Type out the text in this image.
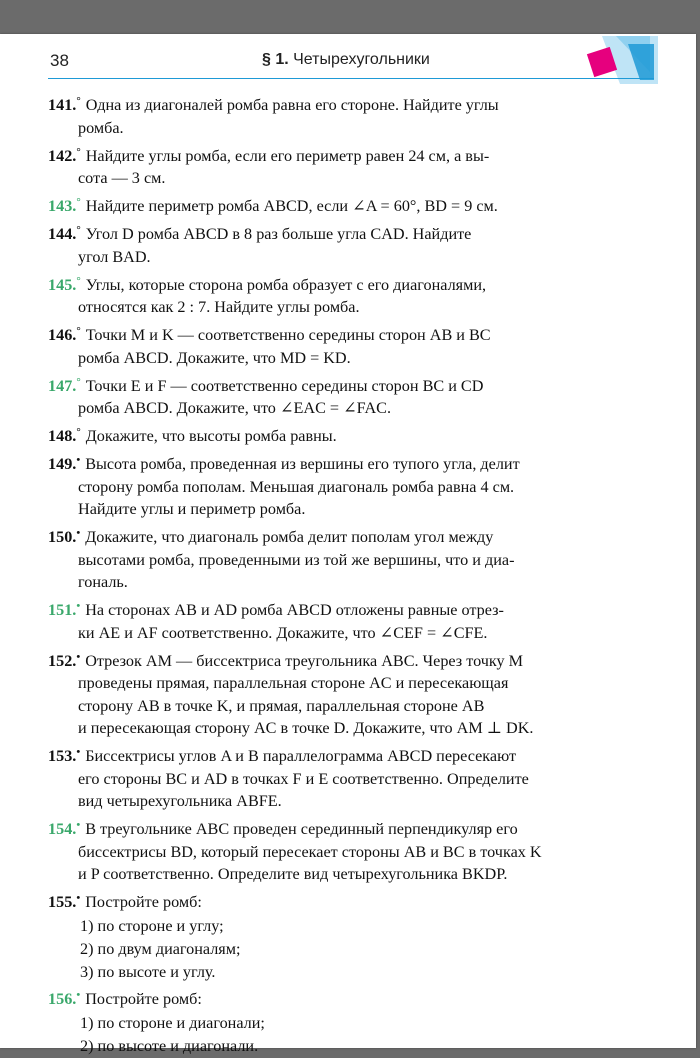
38	§ 1. Четырехугольники
141.° Одна из диагоналей ромба равна его стороне. Найдите углы
ромба.
142.° Найдите углы ромба, если его периметр равен 24 см, а вы-
сота — 3 см.
143.° Найдите периметр ромба ABCD, если ∠A = 60°, BD = 9 см.
144.° Угол D ромба ABCD в 8 раз больше угла CAD. Найдите
угол BAD.
145.° Углы, которые сторона ромба образует с его диагоналями,
относятся как 2 : 7. Найдите углы ромба.
146.° Точки M и K — соответственно середины сторон AB и BC
ромба ABCD. Докажите, что MD = KD.
147.° Точки E и F — соответственно середины сторон BC и CD
ромба ABCD. Докажите, что ∠EAC = ∠FAC.
148.° Докажите, что высоты ромба равны.
149.• Высота ромба, проведенная из вершины его тупого угла, делит
сторону ромба пополам. Меньшая диагональ ромба равна 4 см.
Найдите углы и периметр ромба.
150.• Докажите, что диагональ ромба делит пополам угол между
высотами ромба, проведенными из той же вершины, что и диа-
гональ.
151.• На сторонах AB и AD ромба ABCD отложены равные отрез-
ки AE и AF соответственно. Докажите, что ∠CEF = ∠CFE.
152.• Отрезок AM — биссектриса треугольника ABC. Через точку M
проведены прямая, параллельная стороне AC и пересекающая
сторону AB в точке K, и прямая, параллельная стороне AB
и пересекающая сторону AC в точке D. Докажите, что AM ⊥ DK.
153.• Биссектрисы углов A и B параллелограмма ABCD пересекают
его стороны BC и AD в точках F и E соответственно. Определите
вид четырехугольника ABFE.
154.• В треугольнике ABC проведен серединный перпендикуляр его
биссектрисы BD, который пересекает стороны AB и BC в точках K
и P соответственно. Определите вид четырехугольника BKDP.
155.• Постройте ромб:
1) по стороне и углу;
2) по двум диагоналям;
3) по высоте и углу.
156.• Постройте ромб:
1) по стороне и диагонали;
2) по высоте и диагонали.
